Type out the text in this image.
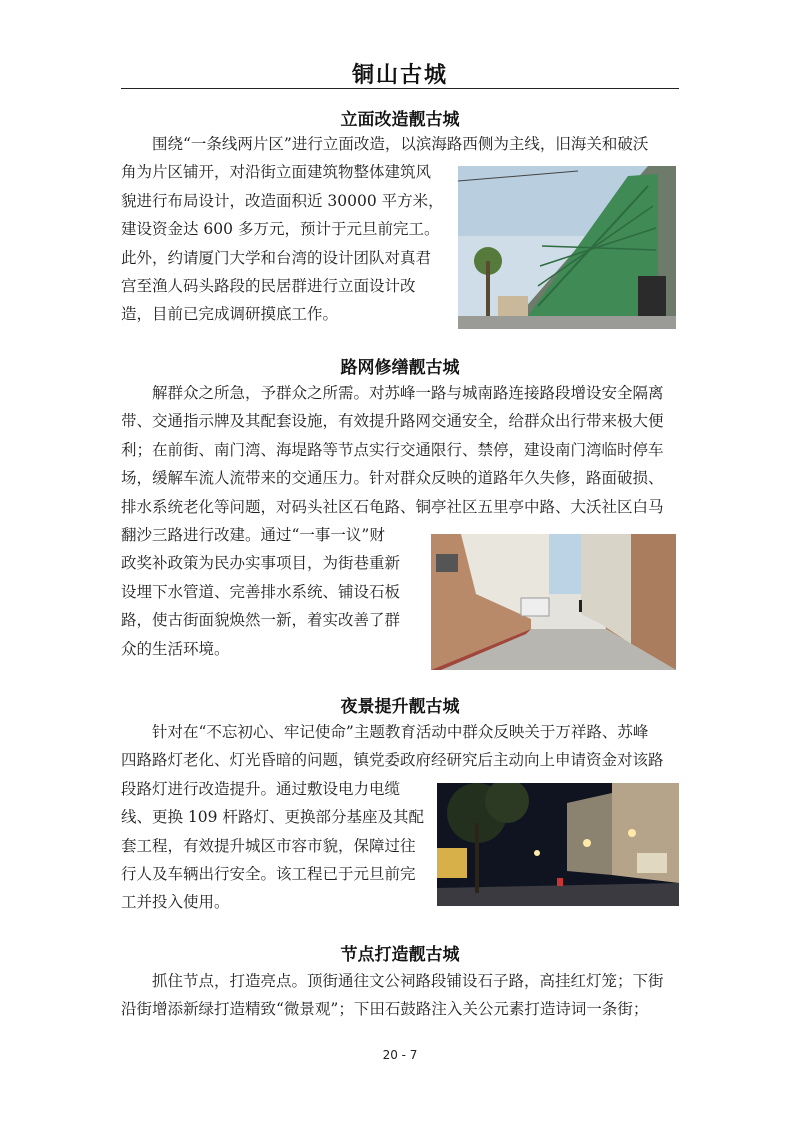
铜山古城
立面改造靓古城
围绕“一条线两片区”进行立面改造，以滨海路西侧为主线，旧海关和破沃
角为片区铺开，对沿街立面建筑物整体建筑风
貌进行布局设计，改造面积近 30000 平方米，
建设资金达 600 多万元，预计于元旦前完工。
此外，约请厦门大学和台湾的设计团队对真君
宫至渔人码头路段的民居群进行立面设计改
造，目前已完成调研摸底工作。
路网修缮靓古城
解群众之所急，予群众之所需。对苏峰一路与城南路连接路段增设安全隔离
带、交通指示牌及其配套设施，有效提升路网交通安全，给群众出行带来极大便
利；在前街、南门湾、海堤路等节点实行交通限行、禁停，建设南门湾临时停车
场，缓解车流人流带来的交通压力。针对群众反映的道路年久失修，路面破损、
排水系统老化等问题，对码头社区石龟路、铜亭社区五里亭中路、大沃社区白马
翻沙三路进行改建。通过“一事一议”财
政奖补政策为民办实事项目，为街巷重新
设埋下水管道、完善排水系统、铺设石板
路，使古街面貌焕然一新，着实改善了群
众的生活环境。
夜景提升靓古城
针对在“不忘初心、牢记使命”主题教育活动中群众反映关于万祥路、苏峰
四路路灯老化、灯光昏暗的问题，镇党委政府经研究后主动向上申请资金对该路
段路灯进行改造提升。通过敷设电力电缆
线、更换 109 杆路灯、更换部分基座及其配
套工程，有效提升城区市容市貌，保障过往
行人及车辆出行安全。该工程已于元旦前完
工并投入使用。
节点打造靓古城
抓住节点，打造亮点。顶街通往文公祠路段铺设石子路，高挂红灯笼；下街
沿街增添新绿打造精致“微景观”；下田石鼓路注入关公元素打造诗词一条街；
20 - 7
